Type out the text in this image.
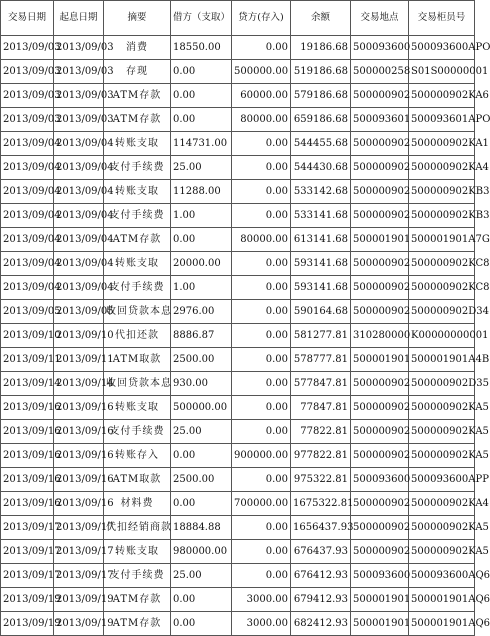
交易日期	起息日期	摘要	借方（支取）	贷方(存入)	余额	交易地点	交易柜员号
2013/09/03	2013/09/03	消费	18550.00	0.00	19186.68	500093600	500093600APO
2013/09/03	2013/09/03	存现	0.00	500000.00	519186.68	500000258	S01S00000001
2013/09/03	2013/09/03	ATM存款	0.00	60000.00	579186.68	500000902	500000902KA6
2013/09/03	2013/09/03	ATM存款	0.00	80000.00	659186.68	500093601	500093601APO
2013/09/04	2013/09/04	转账支取	114731.00	0.00	544455.68	500000902	500000902KA1
2013/09/04	2013/09/04	支付手续费	25.00	0.00	544430.68	500000902	500000902KA4
2013/09/04	2013/09/04	转账支取	11288.00	0.00	533142.68	500000902	500000902KB3
2013/09/04	2013/09/04	支付手续费	1.00	0.00	533141.68	500000902	500000902KB3
2013/09/04	2013/09/04	ATM存款	0.00	80000.00	613141.68	500001901	500001901A7G
2013/09/04	2013/09/04	转账支取	20000.00	0.00	593141.68	500000902	500000902KC8
2013/09/04	2013/09/04	支付手续费	1.00	0.00	593141.68	500000902	500000902KC8
2013/09/05	2013/09/05	收回贷款本息	2976.00	0.00	590164.68	500000902	500000902D34
2013/09/10	2013/09/10	代扣还款	8886.87	0.00	581277.81	310280000	K00000000001
2013/09/11	2013/09/11	ATM取款	2500.00	0.00	578777.81	500001901	500001901A4B
2013/09/14	2013/09/14	收回贷款本息	930.00	0.00	577847.81	500000902	500000902D35
2013/09/16	2013/09/16	转账支取	500000.00	0.00	77847.81	500000902	500000902KA5
2013/09/16	2013/09/16	支付手续费	25.00	0.00	77822.81	500000902	500000902KA5
2013/09/16	2013/09/16	转账存入	0.00	900000.00	977822.81	500000902	500000902KA5
2013/09/16	2013/09/16	ATM取款	2500.00	0.00	975322.81	500093600	500093600APP
2013/09/16	2013/09/16	材料费	0.00	700000.00	1675322.81	500000902	500000902KA4
2013/09/17	2013/09/17	代扣经销商款	18884.88	0.00	1656437.93	500000902	500000902KA5
2013/09/17	2013/09/17	转账支取	980000.00	0.00	676437.93	500000902	500000902KA5
2013/09/17	2013/09/17	支付手续费	25.00	0.00	676412.93	500093600	500093600AQ6
2013/09/19	2013/09/19	ATM存款	0.00	3000.00	679412.93	500001901	500001901AQ6
2013/09/19	2013/09/19	ATM存款	0.00	3000.00	682412.93	500001901	500001901AQ6
